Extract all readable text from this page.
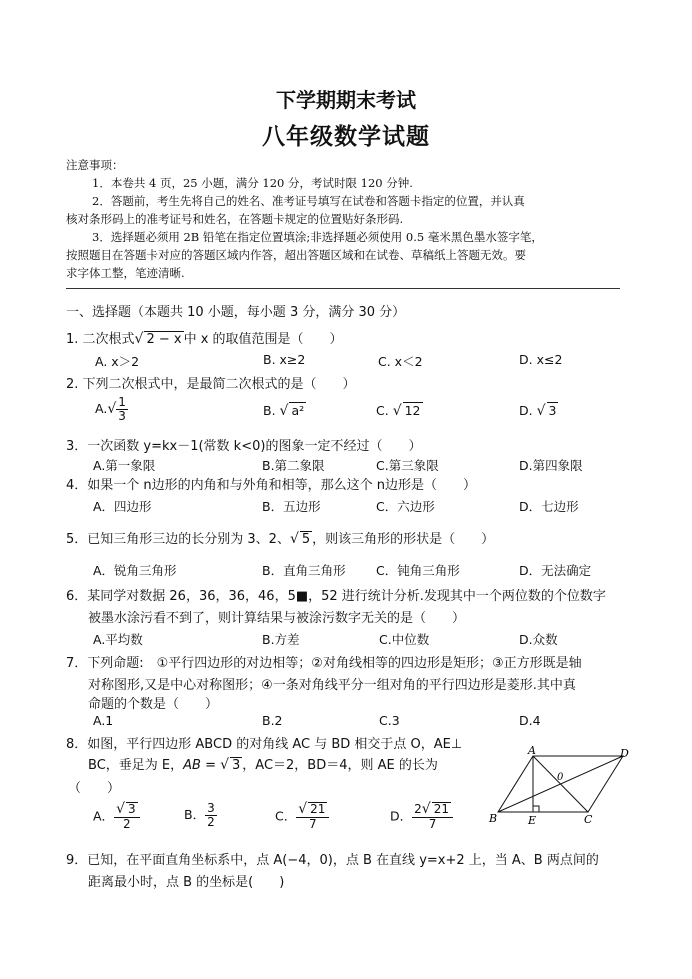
下学期期末考试
八年级数学试题
注意事项：
1．本卷共 4 页，25 小题，满分 120 分，考试时限 120 分钟.
2．答题前，考生先将自己的姓名、准考证号填写在试卷和答题卡指定的位置，并认真
核对条形码上的准考证号和姓名，在答题卡规定的位置贴好条形码.
3．选择题必须用 2B 铅笔在指定位置填涂;非选择题必须使用 0.5 毫米黑色墨水签字笔，
按照题目在答题卡对应的答题区域内作答，超出答题区域和在试卷、草稿纸上答题无效。要
求字体工整，笔迹清晰.
一、选择题（本题共 10 小题，每小题 3 分，满分 30 分）
1. 二次根式√ 2 − x 中 x 的取值范围是（　　）
A. x＞2	B. x≥2	C. x＜2	D. x≤2
2. 下列二次根式中，是最简二次根式的是（　　）
$A.√ \frac{1}{3}$	B. √ a²	C. √ 12	D. √ 3
3．一次函数 y=kx－1(常数 k<0)的图象一定不经过（　　）
A.第一象限	B.第二象限	C.第三象限	D.第四象限
4．如果一个 n边形的内角和与外角和相等，那么这个 n边形是（　　）
A．四边形	B．五边形	C．六边形	D．七边形
5．已知三角形三边的长分别为 3、2、√ 5 ，则该三角形的形状是（　　）
A．锐角三角形	B．直角三角形 C．钝角三角形	D．无法确定
6．某同学对数据 26，36，36，46，5■，52 进行统计分析.发现其中一个两位数的个位数字
被墨水涂污看不到了，则计算结果与被涂污数字无关的是（　　）
A.平均数	B.方差	C.中位数	D.众数
7．下列命题:　①平行四边形的对边相等；②对角线相等的四边形是矩形；③正方形既是轴
对称图形,又是中心对称图形；④一条对角线平分一组对角的平行四边形是菱形.其中真
命题的个数是（　　）
A.1	B.2	C.3	D.4
8．如图，平行四边形 ABCD 的对角线 AC 与 BD 相交于点 O，AE⊥
BC，垂足为 E，AB = √ 3 ，AC＝2，BD＝4，则 AE 的长为
（　　）
A． $\frac{√ 3}{2}$	B． $\frac{3}{2}$	C． $\frac{√ 21}{7}$	D． $\frac{2√ 21}{7}$
A
B	C
D
E
0
9．已知，在平面直角坐标系中，点 A(−4，0)，点 B 在直线 y=x+2 上，当 A、B 两点间的
距离最小时，点 B 的坐标是(　　)
